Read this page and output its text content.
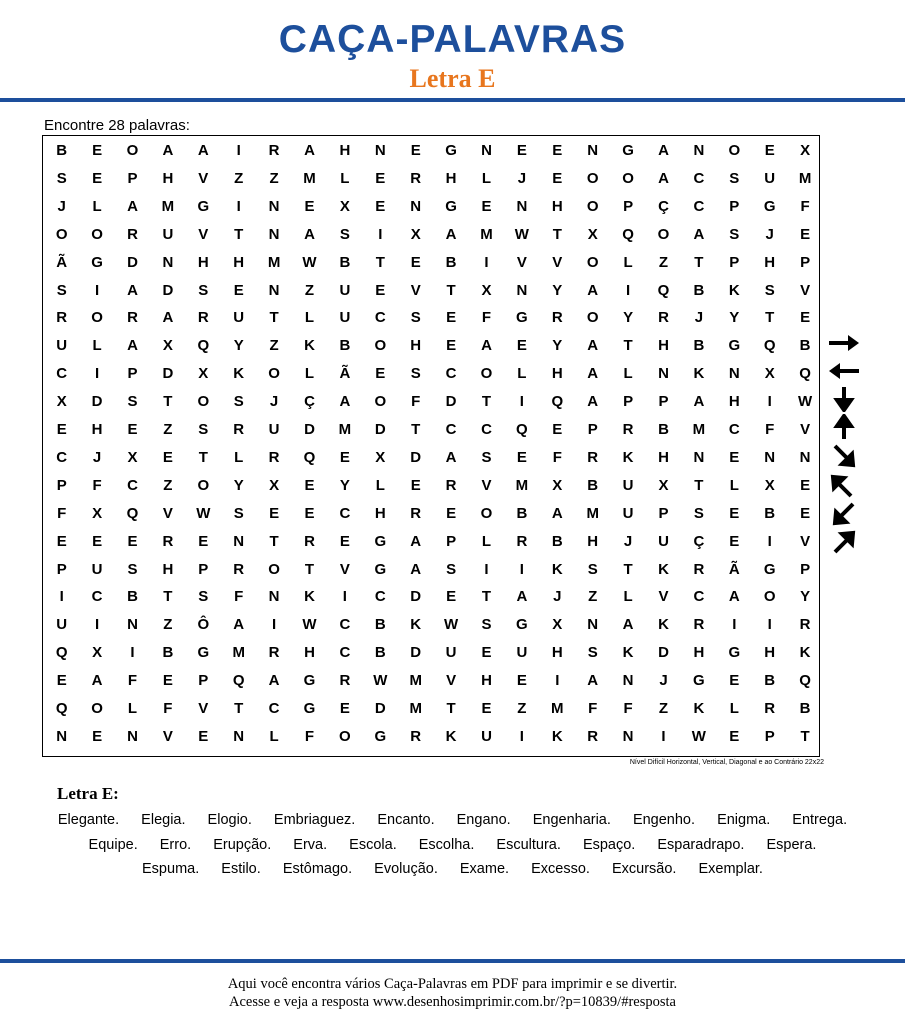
CAÇA-PALAVRAS
Letra E
Encontre 28 palavras:
B	E	O	A	A	I	R	A	H	N	E	G	N	E	E	N	G	A	N	O	E	X
S	E	P	H	V	Z	Z	M	L	E	R	H	L	J	E	O	O	A	C	S	U	M
J	L	A	M	G	I	N	E	X	E	N	G	E	N	H	O	P	Ç	C	P	G	F
O	O	R	U	V	T	N	A	S	I	X	A	M	W	T	X	Q	O	A	S	J	E
Ã	G	D	N	H	H	M	W	B	T	E	B	I	V	V	O	L	Z	T	P	H	P
S	I	A	D	S	E	N	Z	U	E	V	T	X	N	Y	A	I	Q	B	K	S	V
R	O	R	A	R	U	T	L	U	C	S	E	F	G	R	O	Y	R	J	Y	T	E
U	L	A	X	Q	Y	Z	K	B	O	H	E	A	E	Y	A	T	H	B	G	Q	B
C	I	P	D	X	K	O	L	Ã	E	S	C	O	L	H	A	L	N	K	N	X	Q
X	D	S	T	O	S	J	Ç	A	O	F	D	T	I	Q	A	P	P	A	H	I	W
E	H	E	Z	S	R	U	D	M	D	T	C	C	Q	E	P	R	B	M	C	F	V
C	J	X	E	T	L	R	Q	E	X	D	A	S	E	F	R	K	H	N	E	N	N
P	F	C	Z	O	Y	X	E	Y	L	E	R	V	M	X	B	U	X	T	L	X	E
F	X	Q	V	W	S	E	E	C	H	R	E	O	B	A	M	U	P	S	E	B	E
E	E	E	R	E	N	T	R	E	G	A	P	L	R	B	H	J	U	Ç	E	I	V
P	U	S	H	P	R	O	T	V	G	A	S	I	I	K	S	T	K	R	Ã	G	P
I	C	B	T	S	F	N	K	I	C	D	E	T	A	J	Z	L	V	C	A	O	Y
U	I	N	Z	Ô	A	I	W	C	B	K	W	S	G	X	N	A	K	R	I	I	R
Q	X	I	B	G	M	R	H	C	B	D	U	E	U	H	S	K	D	H	G	H	K
E	A	F	E	P	Q	A	G	R	W	M	V	H	E	I	A	N	J	G	E	B	Q
Q	O	L	F	V	T	C	G	E	D	M	T	E	Z	M	F	F	Z	K	L	R	B
N	E	N	V	E	N	L	F	O	G	R	K	U	I	K	R	N	I	W	E	P	T
Nível Difícil Horizontal, Vertical, Diagonal e ao Contrário 22x22
Letra E:
Elegante. Elegia. Elogio. Embriaguez. Encanto. Engano. Engenharia. Engenho. Enigma. Entrega. Equipe. Erro. Erupção. Erva. Escola. Escolha. Escultura. Espaço. Esparadrapo. Espera. Espuma. Estilo. Estômago. Evolução. Exame. Excesso. Excursão. Exemplar.
Aqui você encontra vários Caça-Palavras em PDF para imprimir e se divertir.
Acesse e veja a resposta www.desenhosimprimir.com.br/?p=10839/#resposta
